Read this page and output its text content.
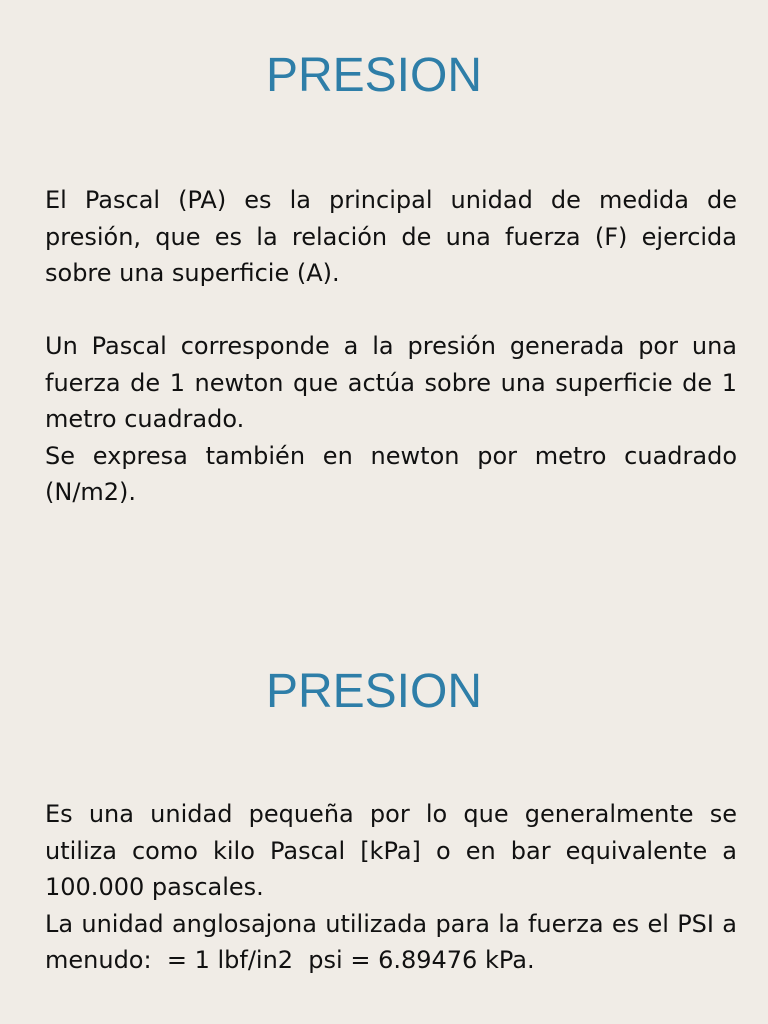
PRESION

El Pascal (PA) es la principal unidad de medida de presión, que es la relación de una fuerza (F) ejercida sobre una superficie (A).

Un Pascal corresponde a la presión generada por una fuerza de 1 newton que actúa sobre una superficie de 1 metro cuadrado.

Se expresa también en newton por metro cuadrado (N/m2).

PRESION

Es una unidad pequeña por lo que generalmente se utiliza como kilo Pascal [kPa] o en bar equivalente a 100.000 pascales.

La unidad anglosajona utilizada para la fuerza es el PSI a menudo:  = 1 lbf/in2  psi = 6.89476 kPa.
